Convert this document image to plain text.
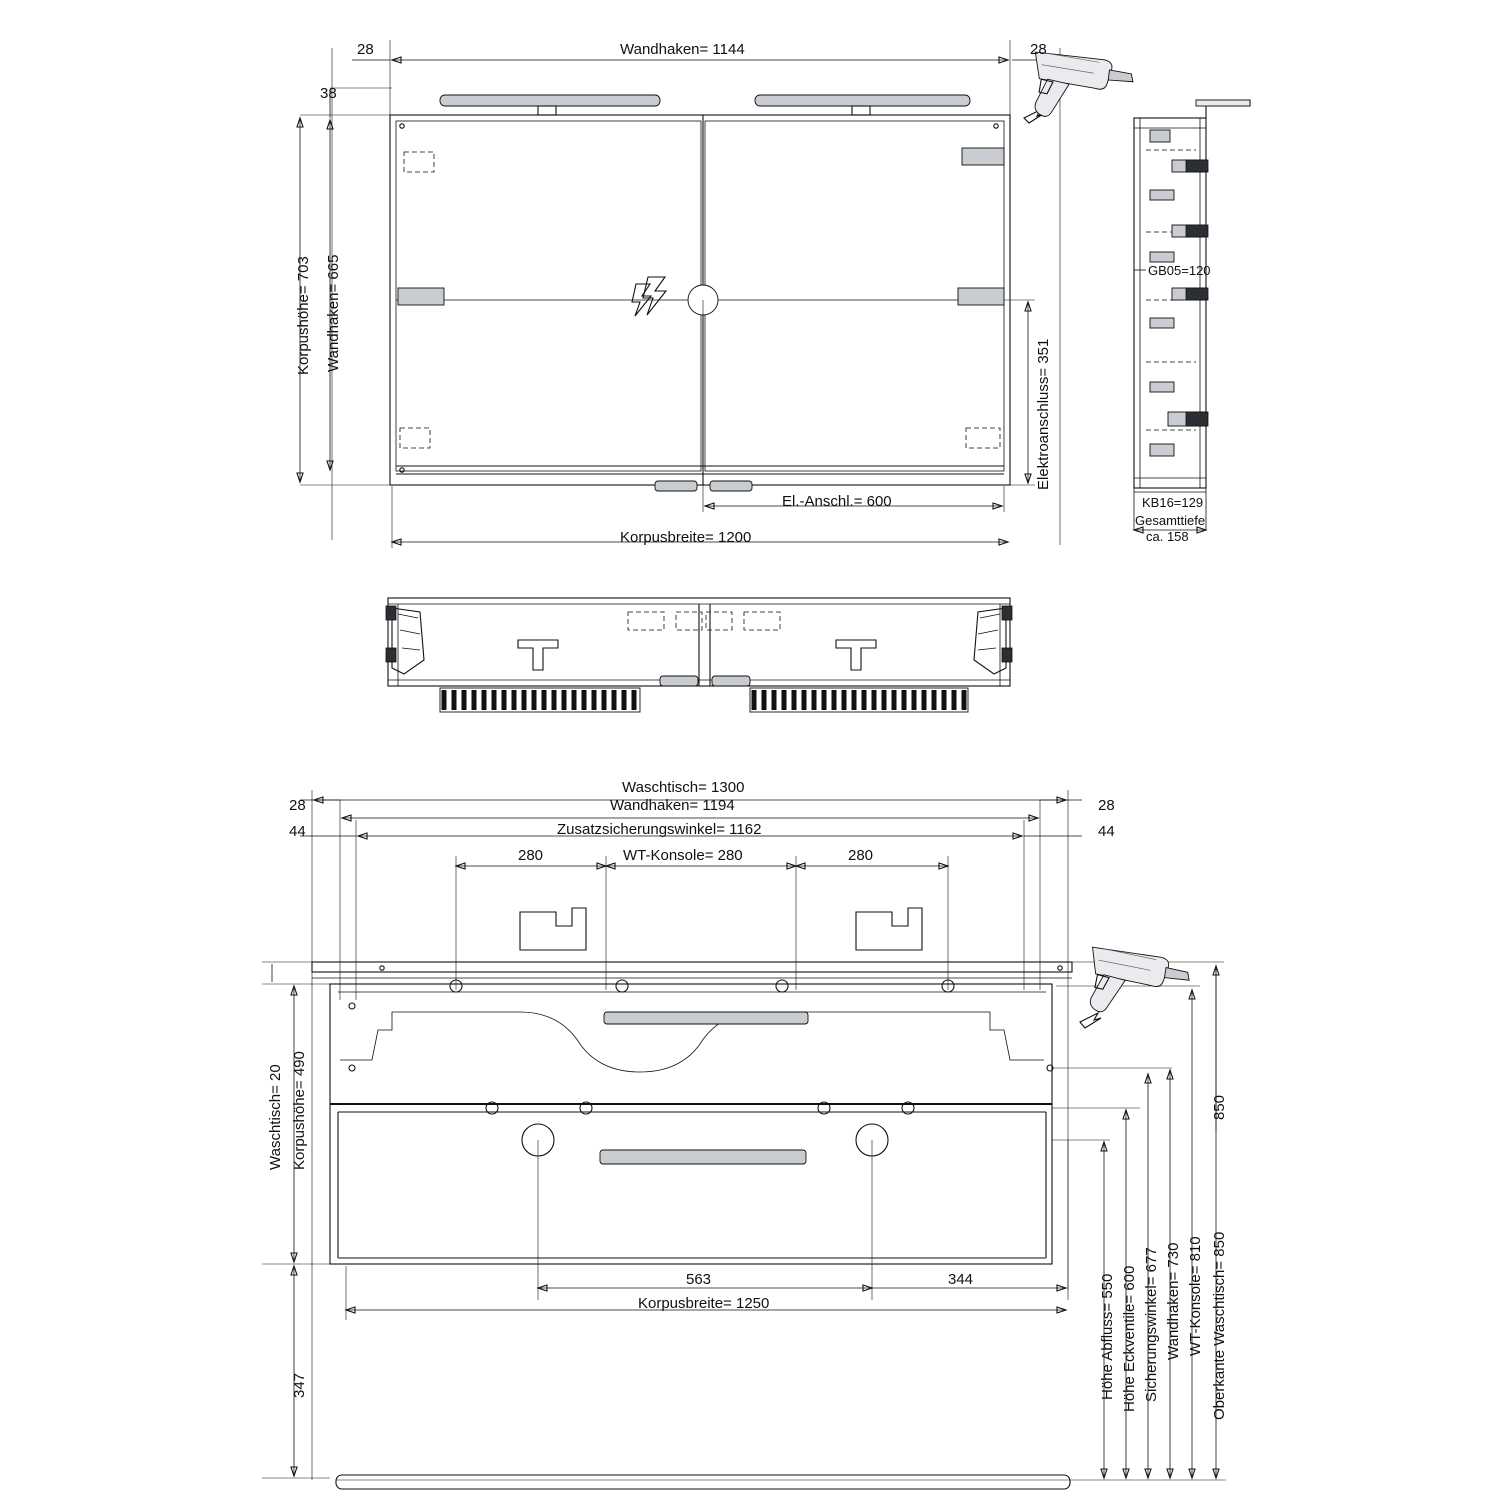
28	Wandhaken= 1144	28
38
Korpushöhe= 703 Wandhaken= 665
Elektroanschluss= 351
El.-Anschl.= 600
Korpusbreite= 1200
GB05=120
KB16=129
Gesamttiefe
ca. 158
Waschtisch= 1300
Wandhaken= 1194
Zusatzsicherungswinkel= 1162
28	28
44	44
280	WT-Konsole= 280	280
Waschtisch= 20 Korpushöhe= 490
347
563	344
Korpusbreite= 1250	Höhe Abfluss= 550 Höhe Eckventile= 600 Sicherungswinkel= 677 Wandhaken= 730 WT-Konsole= 810 Oberkante Waschtisch= 850
850
